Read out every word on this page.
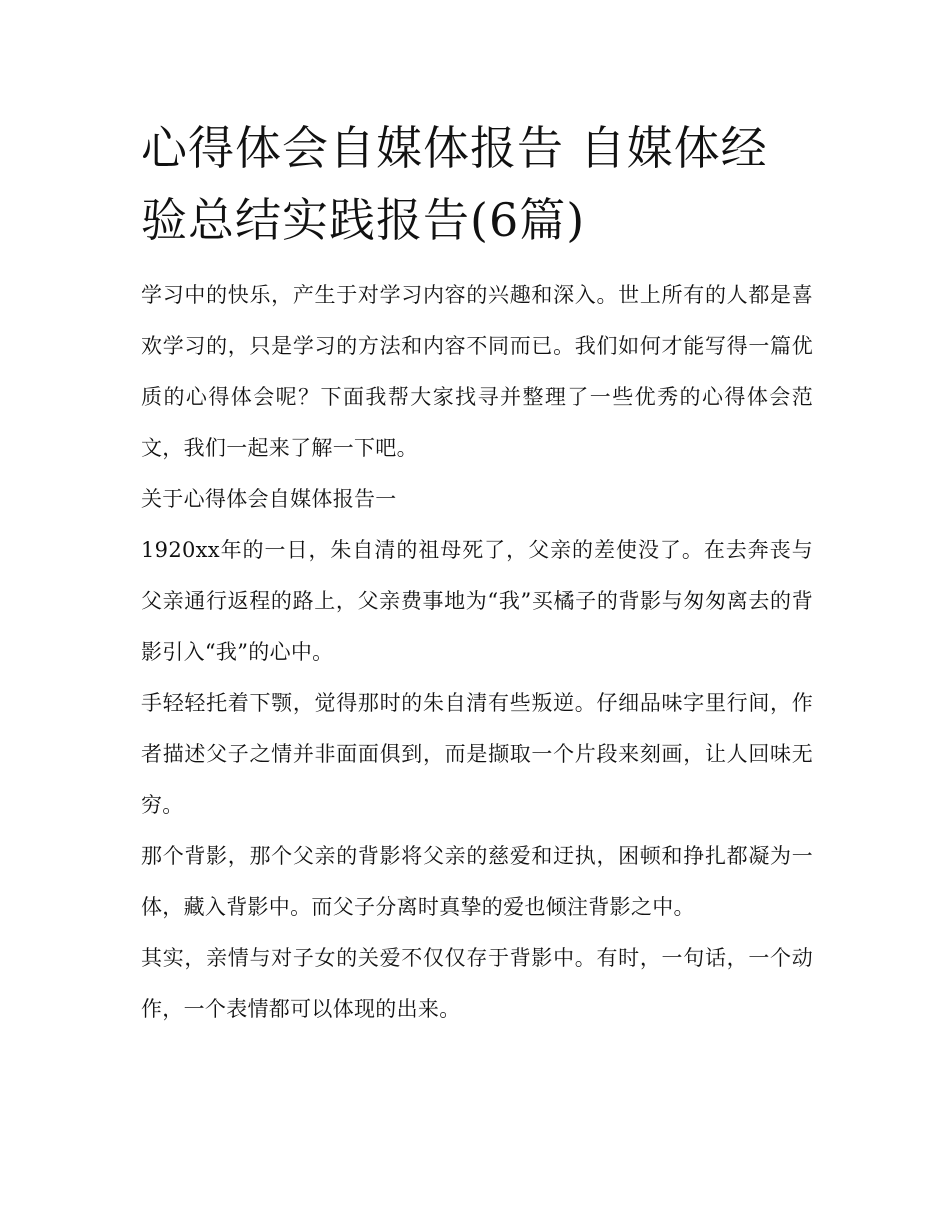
心得体会自媒体报告 自媒体经验总结实践报告(6篇)

学习中的快乐，产生于对学习内容的兴趣和深入。世上所有的人都是喜欢学习的，只是学习的方法和内容不同而已。我们如何才能写得一篇优质的心得体会呢？下面我帮大家找寻并整理了一些优秀的心得体会范文，我们一起来了解一下吧。

关于心得体会自媒体报告一

1920xx年的一日，朱自清的祖母死了，父亲的差使没了。在去奔丧与父亲通行返程的路上，父亲费事地为“我”买橘子的背影与匆匆离去的背影引入“我”的心中。

手轻轻托着下颚，觉得那时的朱自清有些叛逆。仔细品味字里行间，作者描述父子之情并非面面俱到，而是撷取一个片段来刻画，让人回味无穷。

那个背影，那个父亲的背影将父亲的慈爱和迂执，困顿和挣扎都凝为一体，藏入背影中。而父子分离时真挚的爱也倾注背影之中。

其实，亲情与对子女的关爱不仅仅存于背影中。有时，一句话，一个动作，一个表情都可以体现的出来。
